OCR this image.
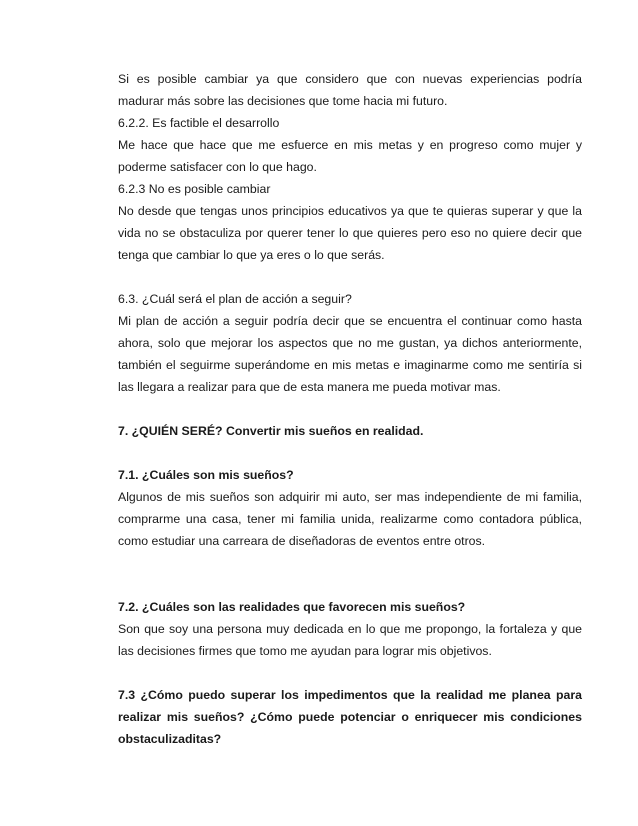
Si es posible cambiar ya que considero que con nuevas experiencias podría madurar más sobre las decisiones que tome hacia mi futuro.

6.2.2. Es factible el desarrollo

Me hace que hace que me esfuerce en mis metas y en progreso como mujer y poderme satisfacer con lo que hago.

6.2.3 No es posible cambiar

No desde que tengas unos principios educativos ya que te quieras superar y que la vida no se obstaculiza por querer tener lo que quieres pero eso no quiere decir que tenga que cambiar lo que ya eres o lo que serás.

6.3. ¿Cuál será el plan de acción a seguir?

Mi plan de acción a seguir podría decir que se encuentra el continuar como hasta ahora, solo que mejorar los aspectos que no me gustan, ya dichos anteriormente, también el seguirme superándome en mis metas e imaginarme como me sentiría si las llegara a realizar para que de esta manera me pueda motivar mas.

7. ¿QUIÉN SERÉ? Convertir mis sueños en realidad.

7.1. ¿Cuáles son mis sueños?

Algunos de mis sueños son adquirir mi auto, ser mas independiente de mi familia, comprarme una casa, tener mi familia unida, realizarme como contadora pública, como estudiar una carreara de diseñadoras de eventos entre otros.

7.2. ¿Cuáles son las realidades que favorecen mis sueños?

Son que soy una persona muy dedicada en lo que me propongo, la fortaleza y que las decisiones firmes que tomo me ayudan para lograr mis objetivos.

7.3 ¿Cómo puedo superar los impedimentos que la realidad me planea para realizar mis sueños? ¿Cómo puede potenciar o enriquecer mis condiciones obstaculizaditas?
